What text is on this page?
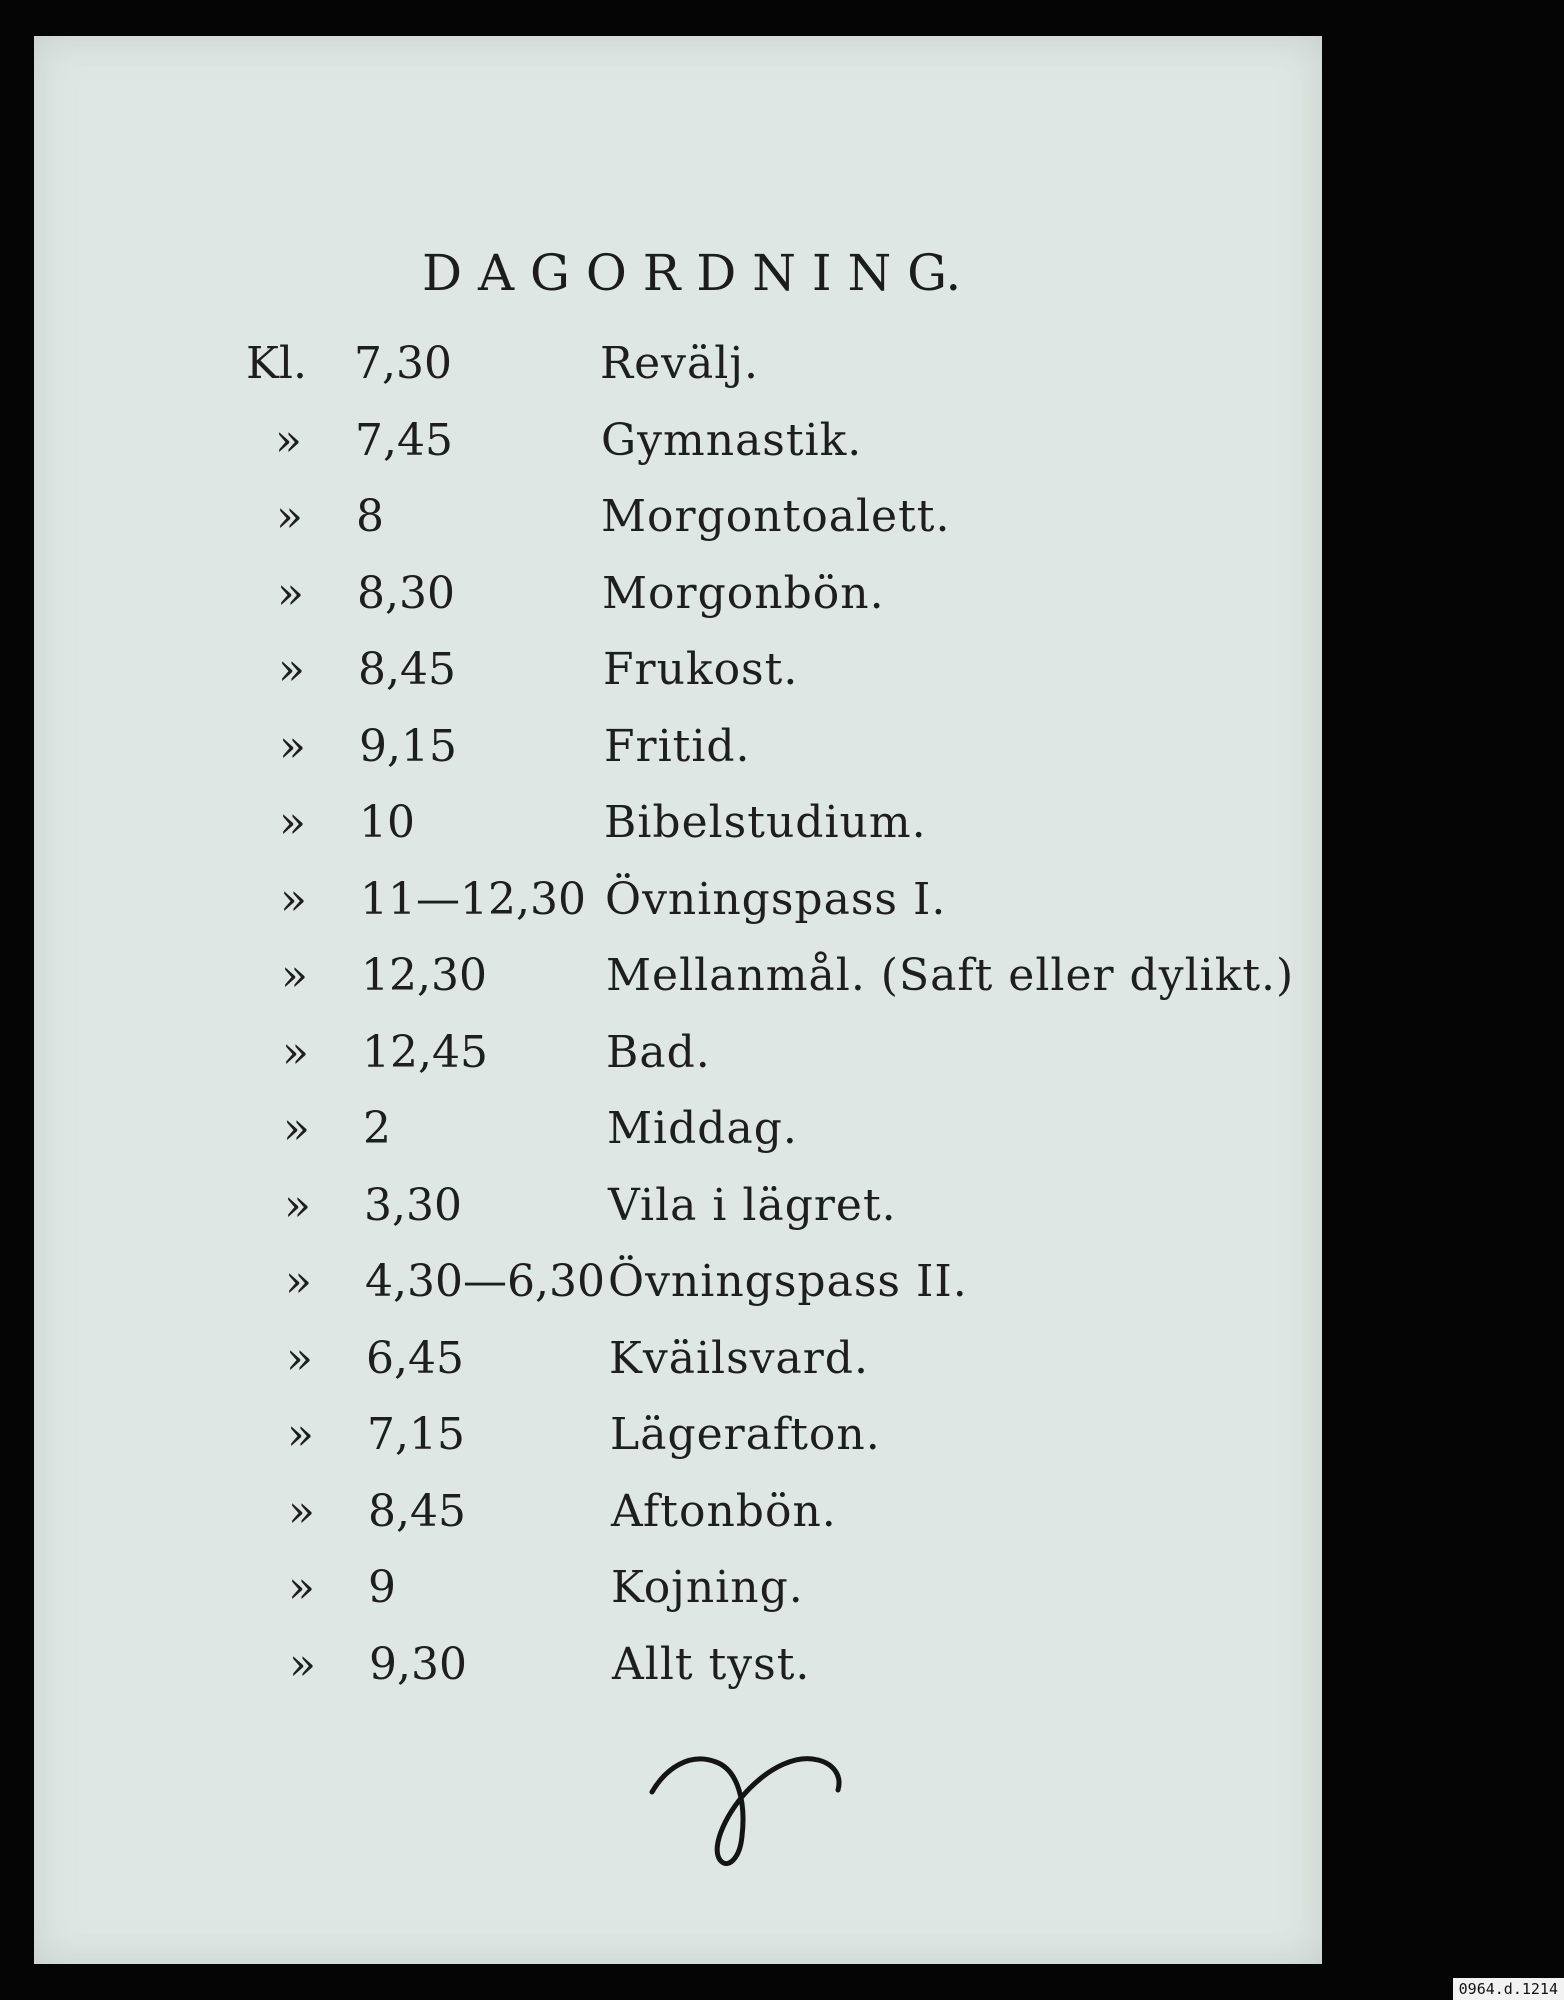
D A G O R D N I N G.
Kl. 7,30	Revälj.
» 7,45	Gymnastik.
» 8	Morgontoalett.
» 8,30	Morgonbön.
» 8,45	Frukost.
» 9,15	Fritid.
» 10	Bibelstudium.
» 11—12,30 Övningspass I.
» 12,30	Mellanmål. (Saft eller dylikt.)
» 12,45	Bad.
» 2	Middag.
» 3,30	Vila i lägret.
» 4,30—6,30 Övningspass II.
» 6,45	Kväilsvard.
» 7,15	Lägerafton.
» 8,45	Aftonbön.
» 9	Kojning.
» 9,30	Allt tyst.
0964.d.1214
